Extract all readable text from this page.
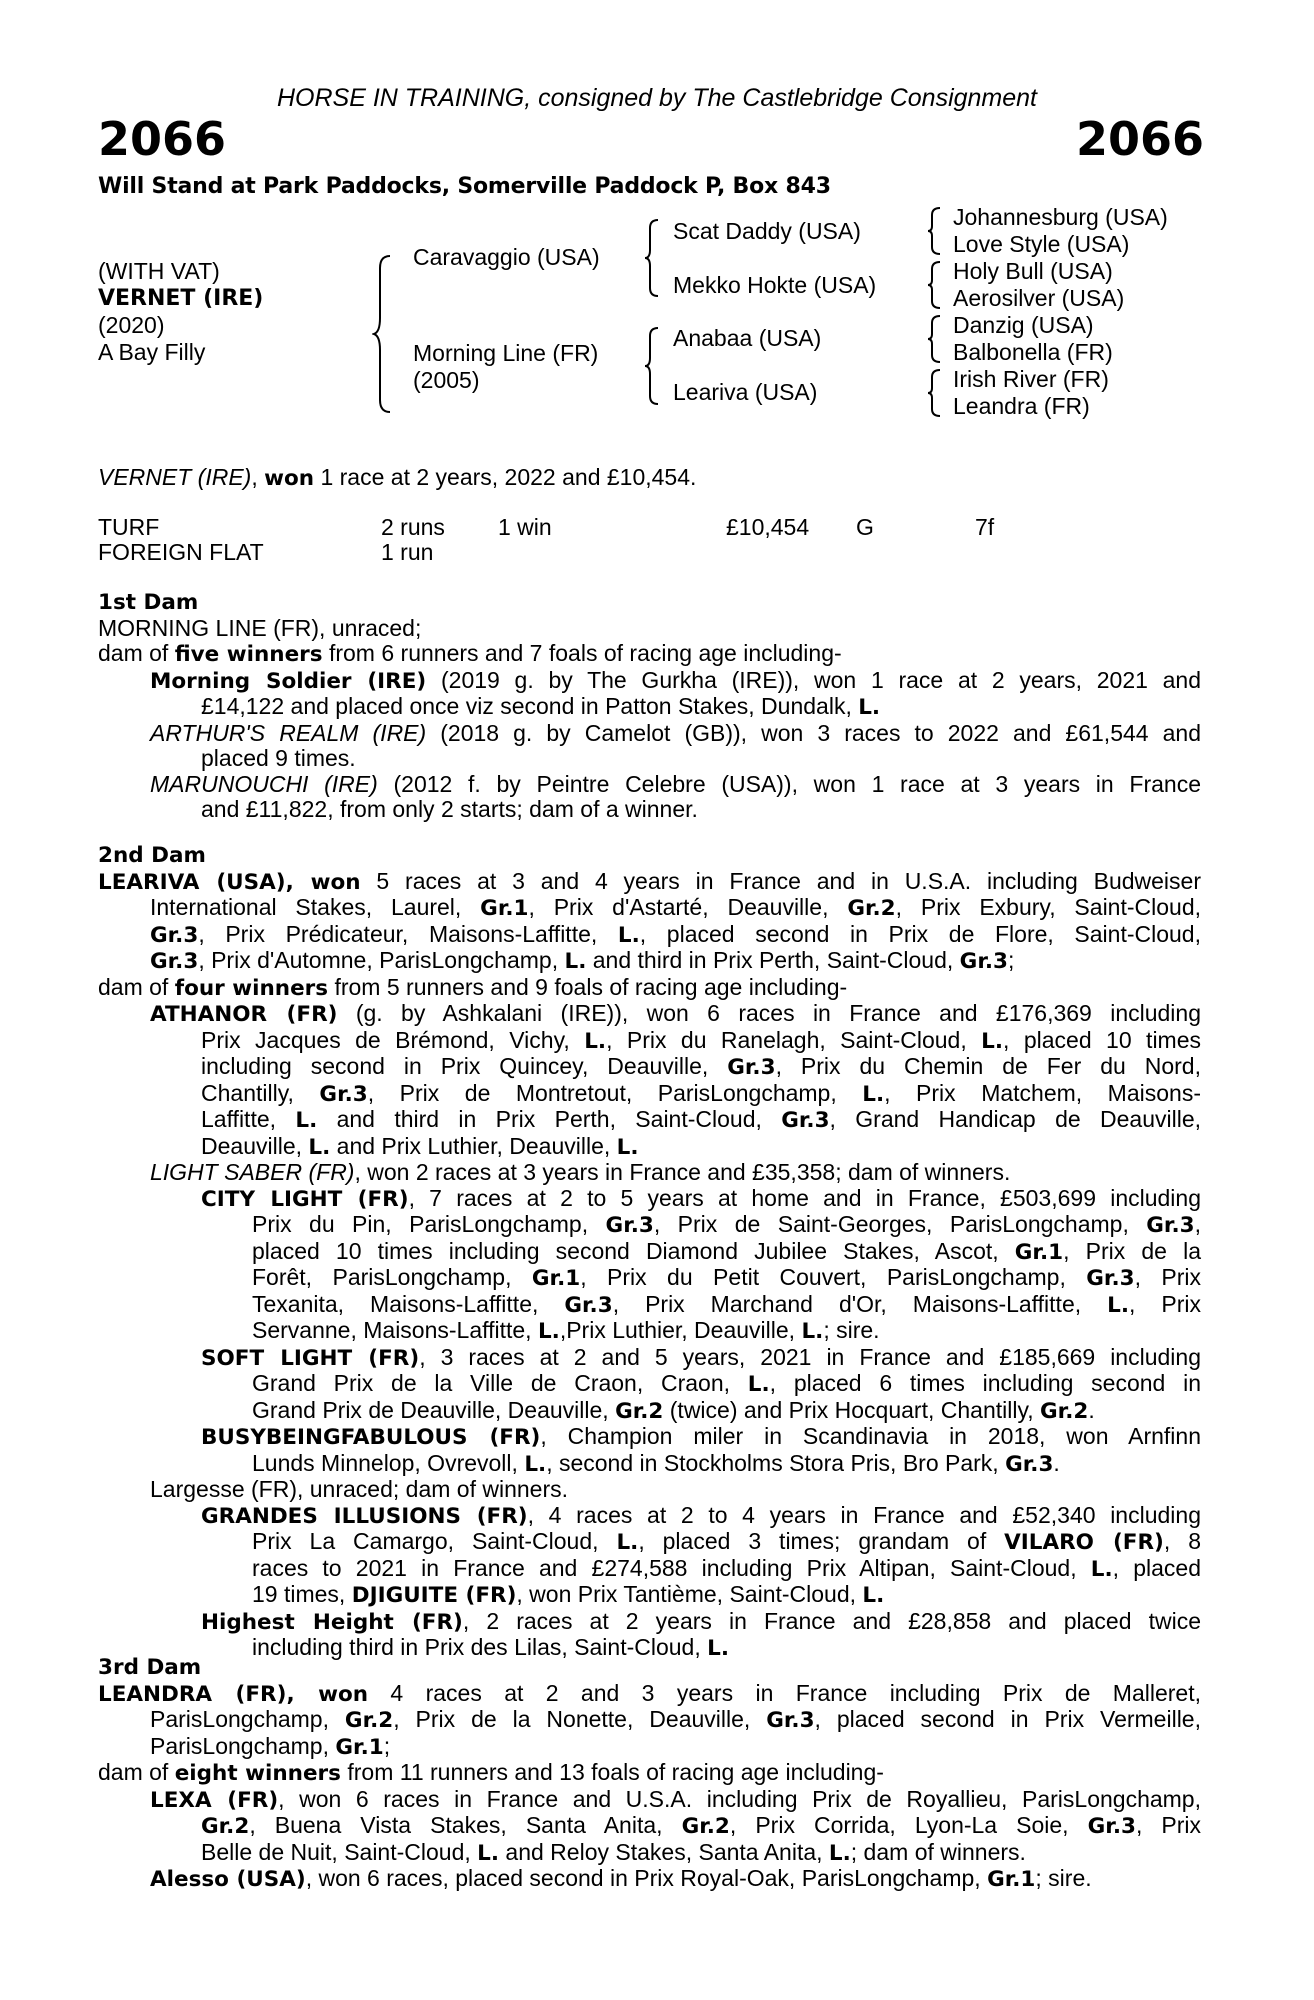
HORSE IN TRAINING, consigned by The Castlebridge Consignment
2066	2066
Will Stand at Park Paddocks, Somerville Paddock P, Box 843
(WITH VAT)
VERNET (IRE)
(2020)
A Bay Filly
Caravaggio (USA)
Morning Line (FR)
(2005)
Scat Daddy (USA)
Mekko Hokte (USA)
Anabaa (USA)
Leariva (USA)
Johannesburg (USA)
Love Style (USA)
Holy Bull (USA)
Aerosilver (USA)
Danzig (USA)
Balbonella (FR)
Irish River (FR)
Leandra (FR)
VERNET (IRE), won 1 race at 2 years, 2022 and £10,454.
TURF	2 runs 1 win	£10,454 G	7f
FOREIGN FLAT	1 run
1st Dam
MORNING LINE (FR), unraced;
dam of five winners from 6 runners and 7 foals of racing age including-
Morning Soldier (IRE) (2019 g. by The Gurkha (IRE)), won 1 race at 2 years, 2021 and
£14,122 and placed once viz second in Patton Stakes, Dundalk, L.
ARTHUR'S REALM (IRE) (2018 g. by Camelot (GB)), won 3 races to 2022 and £61,544 and
placed 9 times.
MARUNOUCHI (IRE) (2012 f. by Peintre Celebre (USA)), won 1 race at 3 years in France
and £11,822, from only 2 starts; dam of a winner.
2nd Dam
LEARIVA (USA), won 5 races at 3 and 4 years in France and in U.S.A. including Budweiser
International Stakes, Laurel, Gr.1, Prix d'Astarté, Deauville, Gr.2, Prix Exbury, Saint-Cloud,
Gr.3, Prix Prédicateur, Maisons-Laffitte, L., placed second in Prix de Flore, Saint-Cloud,
Gr.3, Prix d'Automne, ParisLongchamp, L. and third in Prix Perth, Saint-Cloud, Gr.3;
dam of four winners from 5 runners and 9 foals of racing age including-
ATHANOR (FR) (g. by Ashkalani (IRE)), won 6 races in France and £176,369 including
Prix Jacques de Brémond, Vichy, L., Prix du Ranelagh, Saint-Cloud, L., placed 10 times
including second in Prix Quincey, Deauville, Gr.3, Prix du Chemin de Fer du Nord,
Chantilly, Gr.3, Prix de Montretout, ParisLongchamp, L., Prix Matchem, Maisons-
Laffitte, L. and third in Prix Perth, Saint-Cloud, Gr.3, Grand Handicap de Deauville,
Deauville, L. and Prix Luthier, Deauville, L.
LIGHT SABER (FR), won 2 races at 3 years in France and £35,358; dam of winners.
CITY LIGHT (FR), 7 races at 2 to 5 years at home and in France, £503,699 including
Prix du Pin, ParisLongchamp, Gr.3, Prix de Saint-Georges, ParisLongchamp, Gr.3,
placed 10 times including second Diamond Jubilee Stakes, Ascot, Gr.1, Prix de la
Forêt, ParisLongchamp, Gr.1, Prix du Petit Couvert, ParisLongchamp, Gr.3, Prix
Texanita, Maisons-Laffitte, Gr.3, Prix Marchand d'Or, Maisons-Laffitte, L., Prix
Servanne, Maisons-Laffitte, L.,Prix Luthier, Deauville, L.; sire.
SOFT LIGHT (FR), 3 races at 2 and 5 years, 2021 in France and £185,669 including
Grand Prix de la Ville de Craon, Craon, L., placed 6 times including second in
Grand Prix de Deauville, Deauville, Gr.2 (twice) and Prix Hocquart, Chantilly, Gr.2.
BUSYBEINGFABULOUS (FR), Champion miler in Scandinavia in 2018, won Arnfinn
Lunds Minnelop, Ovrevoll, L., second in Stockholms Stora Pris, Bro Park, Gr.3.
Largesse (FR), unraced; dam of winners.
GRANDES ILLUSIONS (FR), 4 races at 2 to 4 years in France and £52,340 including
Prix La Camargo, Saint-Cloud, L., placed 3 times; grandam of VILARO (FR), 8
races to 2021 in France and £274,588 including Prix Altipan, Saint-Cloud, L., placed
19 times, DJIGUITE (FR), won Prix Tantième, Saint-Cloud, L.
Highest Height (FR), 2 races at 2 years in France and £28,858 and placed twice
including third in Prix des Lilas, Saint-Cloud, L.
3rd Dam
LEANDRA (FR), won 4 races at 2 and 3 years in France including Prix de Malleret,
ParisLongchamp, Gr.2, Prix de la Nonette, Deauville, Gr.3, placed second in Prix Vermeille,
ParisLongchamp, Gr.1;
dam of eight winners from 11 runners and 13 foals of racing age including-
LEXA (FR), won 6 races in France and U.S.A. including Prix de Royallieu, ParisLongchamp,
Gr.2, Buena Vista Stakes, Santa Anita, Gr.2, Prix Corrida, Lyon-La Soie, Gr.3, Prix
Belle de Nuit, Saint-Cloud, L. and Reloy Stakes, Santa Anita, L.; dam of winners.
Alesso (USA), won 6 races, placed second in Prix Royal-Oak, ParisLongchamp, Gr.1; sire.
